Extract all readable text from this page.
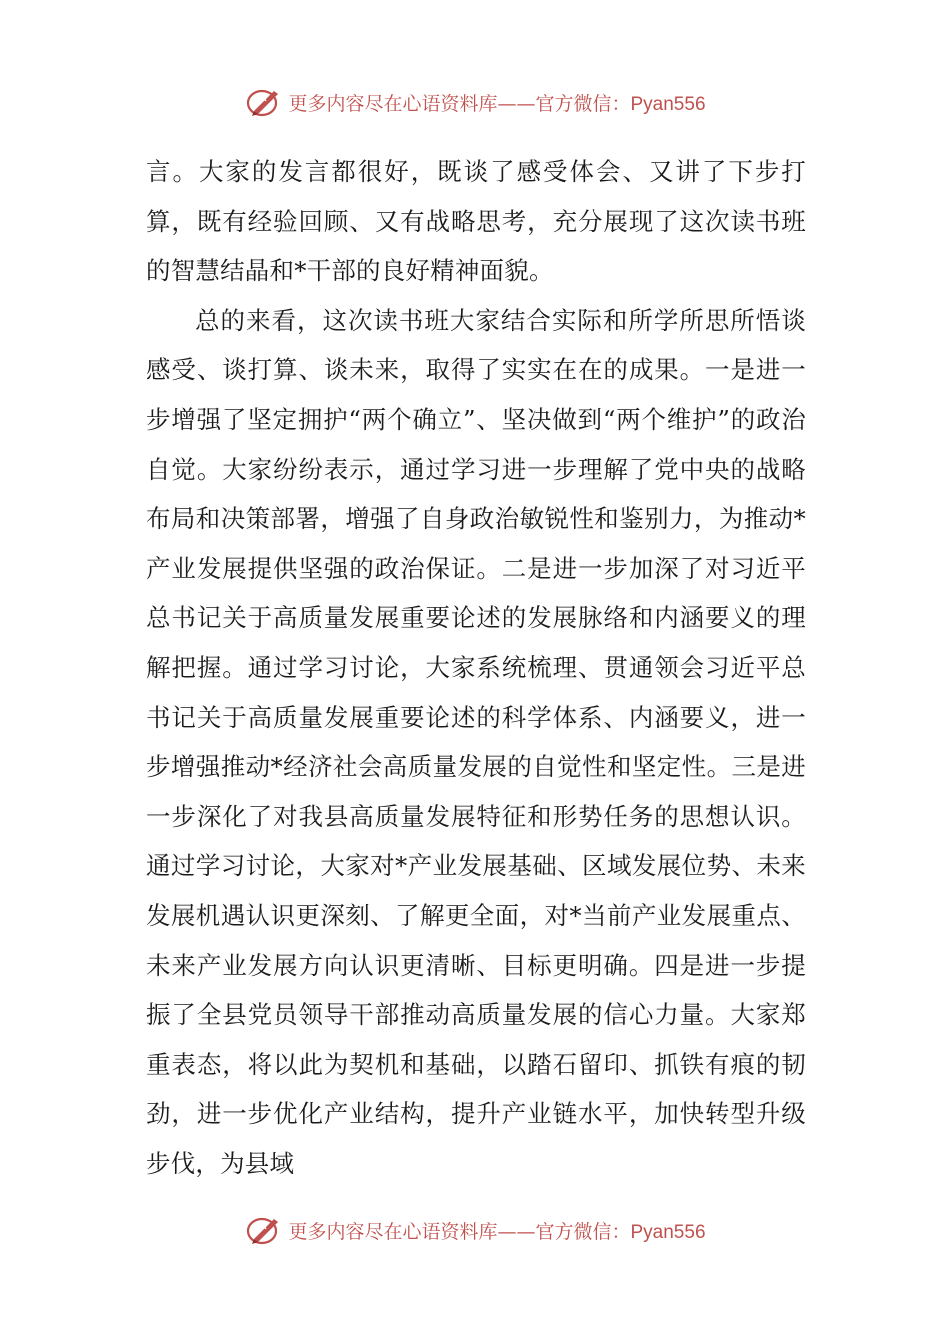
更多内容尽在心语资料库——官方微信：Pyan556

言。大家的发言都很好，既谈了感受体会、又讲了下步打算，既有经验回顾、又有战略思考，充分展现了这次读书班的智慧结晶和*干部的良好精神面貌。

总的来看，这次读书班大家结合实际和所学所思所悟谈感受、谈打算、谈未来，取得了实实在在的成果。一是进一步增强了坚定拥护“两个确立”、坚决做到“两个维护”的政治自觉。大家纷纷表示，通过学习进一步理解了党中央的战略布局和决策部署，增强了自身政治敏锐性和鉴别力，为推动*产业发展提供坚强的政治保证。二是进一步加深了对习近平总书记关于高质量发展重要论述的发展脉络和内涵要义的理解把握。通过学习讨论，大家系统梳理、贯通领会习近平总书记关于高质量发展重要论述的科学体系、内涵要义，进一步增强推动*经济社会高质量发展的自觉性和坚定性。三是进一步深化了对我县高质量发展特征和形势任务的思想认识。通过学习讨论，大家对*产业发展基础、区域发展位势、未来发展机遇认识更深刻、了解更全面，对*当前产业发展重点、未来产业发展方向认识更清晰、目标更明确。四是进一步提振了全县党员领导干部推动高质量发展的信心力量。大家郑重表态，将以此为契机和基础，以踏石留印、抓铁有痕的韧劲，进一步优化产业结构，提升产业链水平，加快转型升级步伐，为县域

更多内容尽在心语资料库——官方微信：Pyan556
